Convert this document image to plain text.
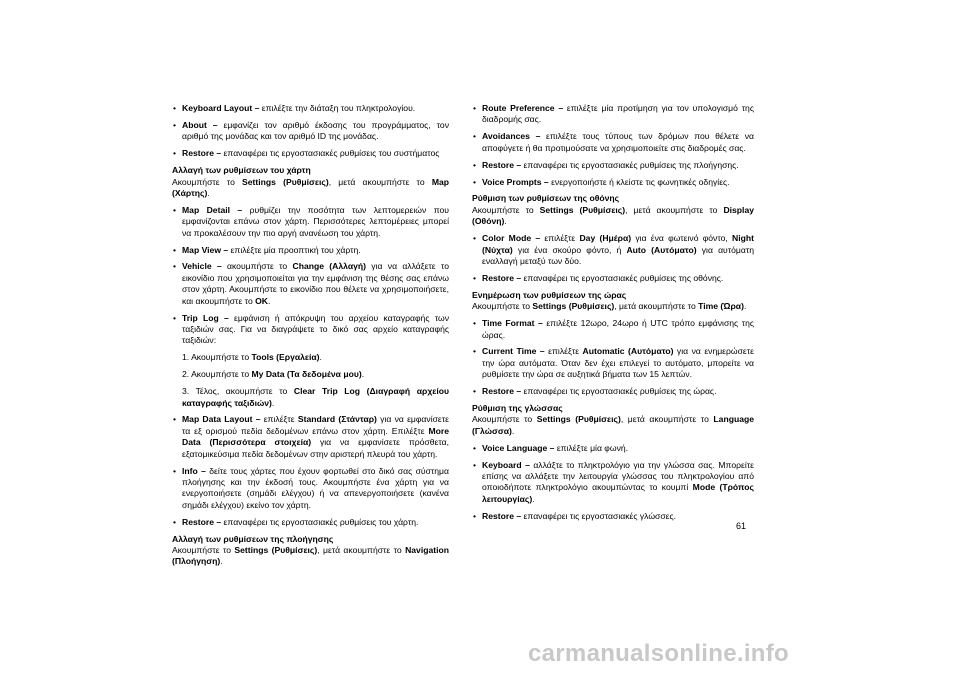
• Keyboard Layout – επιλέξτε την διάταξη του πληκτρολογίου.
• About – εμφανίζει τον αριθμό έκδοσης του προγράμματος, τον αριθμό της μονάδας και τον αριθμό ID της μονάδας.
• Restore – επαναφέρει τις εργοστασιακές ρυθμίσεις του συστήματος

Αλλαγή των ρυθμίσεων του χάρτη

Ακουμπήστε το Settings (Ρυθμίσεις), μετά ακουμπήστε το Map (Χάρτης).

• Map Detail – ρυθμίζει την ποσότητα των λεπτομερειών που εμφανίζονται επάνω στον χάρτη. Περισσότερες λεπτομέρειες μπορεί να προκαλέσουν την πιο αργή ανανέωση του χάρτη.
• Map View – επιλέξτε μία προοπτική του χάρτη.
• Vehicle – ακουμπήστε το Change (Αλλαγή) για να αλλάξετε το εικονίδιο που χρησιμοποιείται για την εμφάνιση της θέσης σας επάνω στον χάρτη. Ακουμπήστε το εικονίδιο που θέλετε να χρησιμοποιήσετε, και ακουμπήστε το OK.
• Trip Log – εμφάνιση ή απόκρυψη του αρχείου καταγραφής των ταξιδιών σας. Για να διαγράψετε το δικό σας αρχείο καταγραφής ταξιδιών:
1. Ακουμπήστε το Tools (Εργαλεία).
2. Ακουμπήστε το My Data (Τα δεδομένα μου).
3. Τέλος, ακουμπήστε το Clear Trip Log (Διαγραφή αρχείου καταγραφής ταξιδιών).
• Map Data Layout – επιλέξτε Standard (Στάνταρ) για να εμφανίσετε τα εξ ορισμού πεδία δεδομένων επάνω στον χάρτη. Επιλέξτε More Data (Περισσότερα στοιχεία) για να εμφανίσετε πρόσθετα, εξατομικεύσιμα πεδία δεδομένων στην αριστερή πλευρά του χάρτη.
• Info – δείτε τους χάρτες που έχουν φορτωθεί στο δικό σας σύστημα πλοήγησης και την έκδοσή τους. Ακουμπήστε ένα χάρτη για να ενεργοποιήσετε (σημάδι ελέγχου) ή να απενεργοποιήσετε (κανένα σημάδι ελέγχου) εκείνο τον χάρτη.
• Restore – επαναφέρει τις εργοστασιακές ρυθμίσεις του χάρτη.

Αλλαγή των ρυθμίσεων της πλοήγησης

Ακουμπήστε το Settings (Ρυθμίσεις), μετά ακουμπήστε το Navigation (Πλοήγηση).

• Route Preference – επιλέξτε μία προτίμηση για τον υπολογισμό της διαδρομής σας.
• Avoidances – επιλέξτε τους τύπους των δρόμων που θέλετε να αποφύγετε ή θα προτιμούσατε να χρησιμοποιείτε στις διαδρομές σας.
• Restore – επαναφέρει τις εργοστασιακές ρυθμίσεις της πλοήγησης.
• Voice Prompts – ενεργοποιήστε ή κλείστε τις φωνητικές οδηγίες.

Ρύθμιση των ρυθμίσεων της οθόνης

Ακουμπήστε το Settings (Ρυθμίσεις), μετά ακουμπήστε το Display (Οθόνη).

• Color Mode – επιλέξτε Day (Ημέρα) για ένα φωτεινό φόντο, Night (Νύχτα) για ένα σκούρο φόντο, ή Auto (Αυτόματο) για αυτόματη εναλλαγή μεταξύ των δύο.
• Restore – επαναφέρει τις εργοστασιακές ρυθμίσεις της οθόνης.

Ενημέρωση των ρυθμίσεων της ώρας

Ακουμπήστε το Settings (Ρυθμίσεις), μετά ακουμπήστε το Time (Ώρα).

• Time Format – επιλέξτε 12ωρο, 24ωρο ή UTC τρόπο εμφάνισης της ώρας.
• Current Time – επιλέξτε Automatic (Αυτόματο) για να ενημερώσετε την ώρα αυτόματα. Όταν δεν έχει επιλεγεί το αυτόματο, μπορείτε να ρυθμίσετε την ώρα σε αυξητικά βήματα των 15 λεπτών.
• Restore – επαναφέρει τις εργοστασιακές ρυθμίσεις της ώρας.

Ρύθμιση της γλώσσας

Ακουμπήστε το Settings (Ρυθμίσεις), μετά ακουμπήστε το Language (Γλώσσα).

• Voice Language – επιλέξτε μία φωνή.
• Keyboard – αλλάξτε το πληκτρολόγιο για την γλώσσα σας. Μπορείτε επίσης να αλλάξετε την λειτουργία γλώσσας του πληκτρολογίου από οποιοδήποτε πληκτρολόγιο ακουμπώντας το κουμπί Mode (Τρόπος λειτουργίας).
• Restore – επαναφέρει τις εργοστασιακές γλώσσες.
61
carmanualsonline.info
